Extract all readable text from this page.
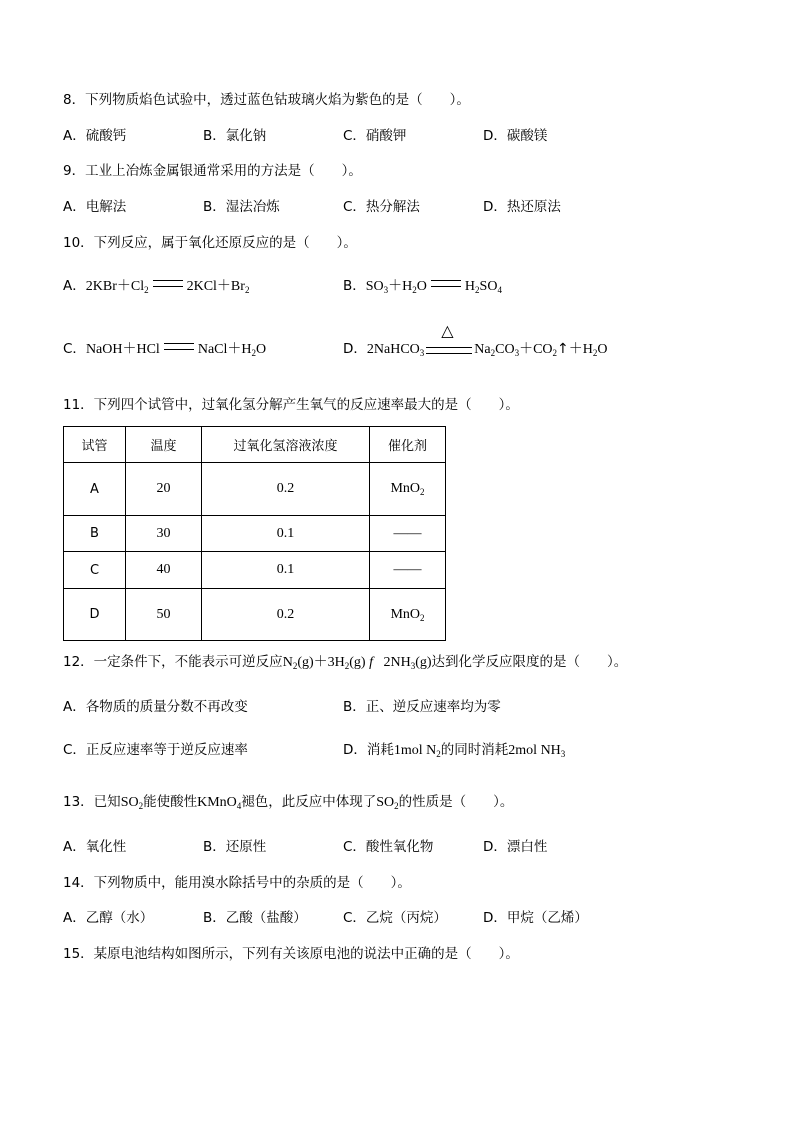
8．下列物质焰色试验中，透过蓝色钴玻璃火焰为紫色的是（　　）。
A．硫酸钙	B．氯化钠	C．硝酸钾	D．碳酸镁
9．工业上冶炼金属银通常采用的方法是（　　）。
A．电解法	B．湿法冶炼	C．热分解法	D．热还原法
10．下列反应，属于氧化还原反应的是（　　）。
A．$2KBr+Cl_2$	$2KCl+Br_2$	B．$SO_3+H_2O$	$H_2SO_4$
C．NaOH＋HCl	$NaCl+H_2O$	D．2NaHCO$_3$
△
$Na_2CO_3+CO_2↑+H_2O$
11．下列四个试管中，过氧化氢分解产生氧气的反应速率最大的是（　　）。
试管	温度	过氧化氢溶液浓度	催化剂
A	20	0.2	MnO$_2$
B	30	0.1	——
C	40	0.1	——
D	50	0.2	MnO$_2$
12．一定条件下，不能表示可逆反应$N_2(g)+3H_2(g)$ f   $2NH_3(g)$达到化学反应限度的是（　　）。
A．各物质的质量分数不再改变	B．正、逆反应速率均为零
C．正反应速率等于逆反应速率	D．消耗1mol $N_2$的同时消耗2mol $NH_3$
13．已知$SO_2$能使酸性KMnO$_4$褪色，此反应中体现了$SO_2$的性质是（　　）。
A．氧化性	B．还原性	C．酸性氧化物	D．漂白性
14．下列物质中，能用溴水除括号中的杂质的是（　　）。
A．乙醇（水）	B．乙酸（盐酸）	C．乙烷（丙烷）	D．甲烷（乙烯）
15．某原电池结构如图所示，下列有关该原电池的说法中正确的是（　　）。
